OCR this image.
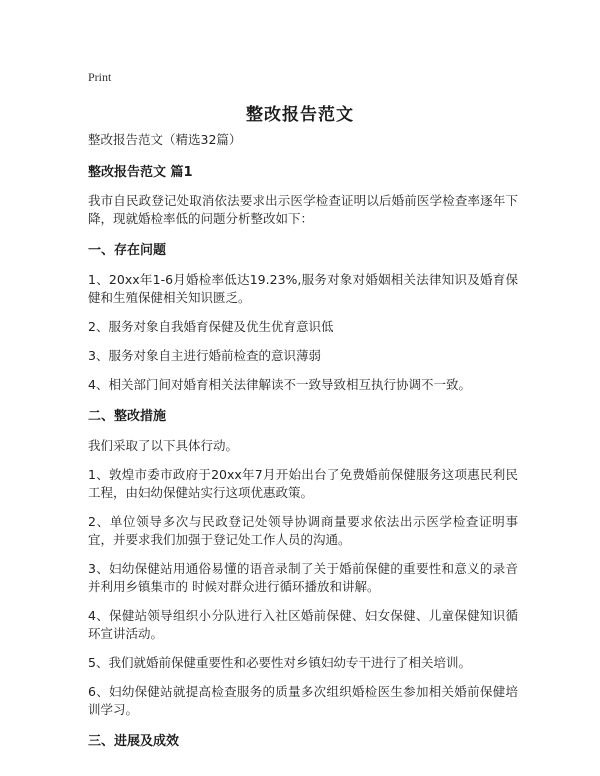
Print
整改报告范文
整改报告范文（精选32篇）
整改报告范文 篇1
我市自民政登记处取消依法要求出示医学检查证明以后婚前医学检查率逐年下降，现就婚检率低的问题分析整改如下：
一、存在问题
1、20xx年1-6月婚检率低达19.23%,服务对象对婚姻相关法律知识及婚育保健和生殖保健相关知识匮乏。
2、服务对象自我婚育保健及优生优育意识低
3、服务对象自主进行婚前检查的意识薄弱
4、相关部门间对婚育相关法律解读不一致导致相互执行协调不一致。
二、整改措施
我们采取了以下具体行动。
1、敦煌市委市政府于20xx年7月开始出台了免费婚前保健服务这项惠民利民工程，由妇幼保健站实行这项优惠政策。
2、单位领导多次与民政登记处领导协调商量要求依法出示医学检查证明事宜，并要求我们加强于登记处工作人员的沟通。
3、妇幼保健站用通俗易懂的语音录制了关于婚前保健的重要性和意义的录音并利用乡镇集市的 时候对群众进行循环播放和讲解。
4、保健站领导组织小分队进行入社区婚前保健、妇女保健、儿童保健知识循环宣讲活动。
5、我们就婚前保健重要性和必要性对乡镇妇幼专干进行了相关培训。
6、妇幼保健站就提高检查服务的质量多次组织婚检医生参加相关婚前保健培训学习。
三、进展及成效
